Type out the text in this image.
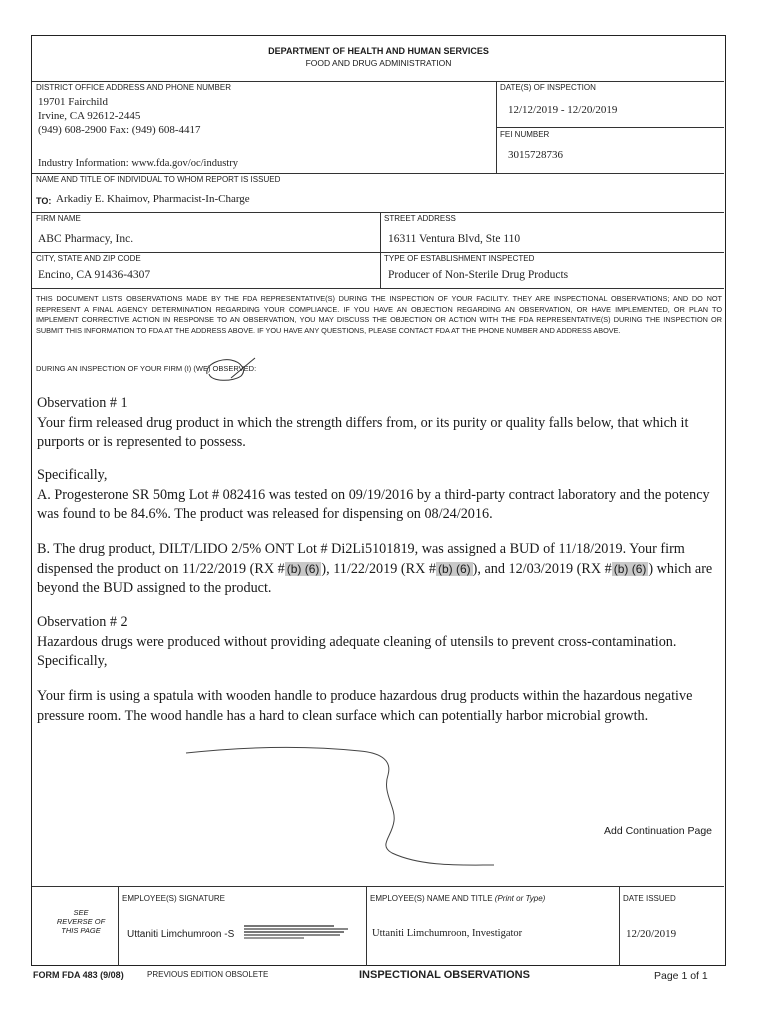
DEPARTMENT OF HEALTH AND HUMAN SERVICES
FOOD AND DRUG ADMINISTRATION
DISTRICT OFFICE ADDRESS AND PHONE NUMBER
19701 Fairchild
Irvine, CA 92612-2445
(949) 608-2900 Fax: (949) 608-4417
Industry Information: www.fda.gov/oc/industry
DATE(S) OF INSPECTION
12/12/2019 - 12/20/2019
FEI NUMBER
3015728736
NAME AND TITLE OF INDIVIDUAL TO WHOM REPORT IS ISSUED
TO: Arkadiy E. Khaimov, Pharmacist-In-Charge
FIRM NAME
ABC Pharmacy, Inc.
STREET ADDRESS
16311 Ventura Blvd, Ste 110
CITY, STATE AND ZIP CODE
Encino, CA 91436-4307
TYPE OF ESTABLISHMENT INSPECTED
Producer of Non-Sterile Drug Products
THIS DOCUMENT LISTS OBSERVATIONS MADE BY THE FDA REPRESENTATIVE(S) DURING THE INSPECTION OF YOUR FACILITY. THEY ARE INSPECTIONAL OBSERVATIONS; AND DO NOT REPRESENT A FINAL AGENCY DETERMINATION REGARDING YOUR COMPLIANCE. IF YOU HAVE AN OBJECTION REGARDING AN OBSERVATION, OR HAVE IMPLEMENTED, OR PLAN TO IMPLEMENT CORRECTIVE ACTION IN RESPONSE TO AN OBSERVATION, YOU MAY DISCUSS THE OBJECTION OR ACTION WITH THE FDA REPRESENTATIVE(S) DURING THE INSPECTION OR SUBMIT THIS INFORMATION TO FDA AT THE ADDRESS ABOVE. IF YOU HAVE ANY QUESTIONS, PLEASE CONTACT FDA AT THE PHONE NUMBER AND ADDRESS ABOVE.
DURING AN INSPECTION OF YOUR FIRM (I) (WE) OBSERVED:

Observation # 1

Your firm released drug product in which the strength differs from, or its purity or quality falls below, that which it purports or is represented to possess.

Specifically,

A. Progesterone SR 50mg Lot # 082416 was tested on 09/19/2016 by a third-party contract laboratory and the potency was found to be 84.6%. The product was released for dispensing on 08/24/2016.

B. The drug product, DILT/LIDO 2/5% ONT Lot # Di2Li5101819, was assigned a BUD of 11/18/2019. Your firm dispensed the product on 11/22/2019 (RX # (b) (6) ), 11/22/2019 (RX # (b) (6) ), and 12/03/2019 (RX # (b) (6) ) which are beyond the BUD assigned to the product.

Observation # 2

Hazardous drugs were produced without providing adequate cleaning of utensils to prevent cross-contamination.

Specifically,

Your firm is using a spatula with wooden handle to produce hazardous drug products within the hazardous negative pressure room. The wood handle has a hard to clean surface which can potentially harbor microbial growth.
Add Continuation Page
SEE REVERSE OF THIS PAGE
EMPLOYEE(S) SIGNATURE
Uttaniti Limchumroon -S
EMPLOYEE(S) NAME AND TITLE (Print or Type)
Uttaniti Limchumroon, Investigator
DATE ISSUED
12/20/2019
FORM FDA 483 (9/08)	PREVIOUS EDITION OBSOLETE	INSPECTIONAL OBSERVATIONS	Page 1 of 1
